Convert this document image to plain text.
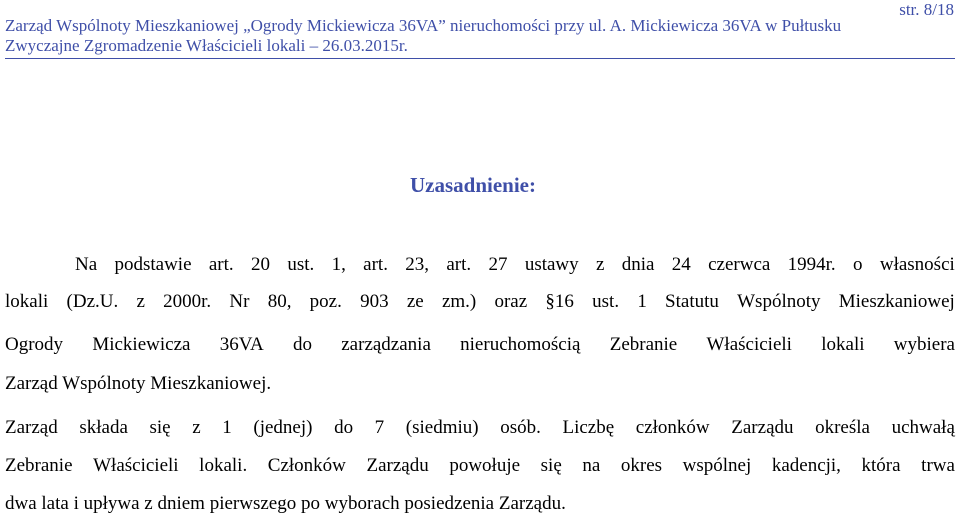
str. 8/18
Zarząd Wspólnoty Mieszkaniowej „Ogrody Mickiewicza 36VA” nieruchomości przy ul. A. Mickiewicza 36VA w Pułtusku
Zwyczajne Zgromadzenie Właścicieli lokali – 26.03.2015r.
Uzasadnienie:
Na podstawie art. 20 ust. 1, art. 23, art. 27 ustawy z dnia 24 czerwca 1994r. o własności
lokali (Dz.U. z 2000r. Nr 80, poz. 903 ze zm.) oraz §16 ust. 1 Statutu Wspólnoty Mieszkaniowej
Ogrody Mickiewicza 36VA do zarządzania nieruchomością Zebranie Właścicieli lokali wybiera
Zarząd Wspólnoty Mieszkaniowej.
Zarząd składa się z 1 (jednej) do 7 (siedmiu) osób. Liczbę członków Zarządu określa uchwałą
Zebranie Właścicieli lokali. Członków Zarządu powołuje się na okres wspólnej kadencji, która trwa
dwa lata i upływa z dniem pierwszego po wyborach posiedzenia Zarządu.
